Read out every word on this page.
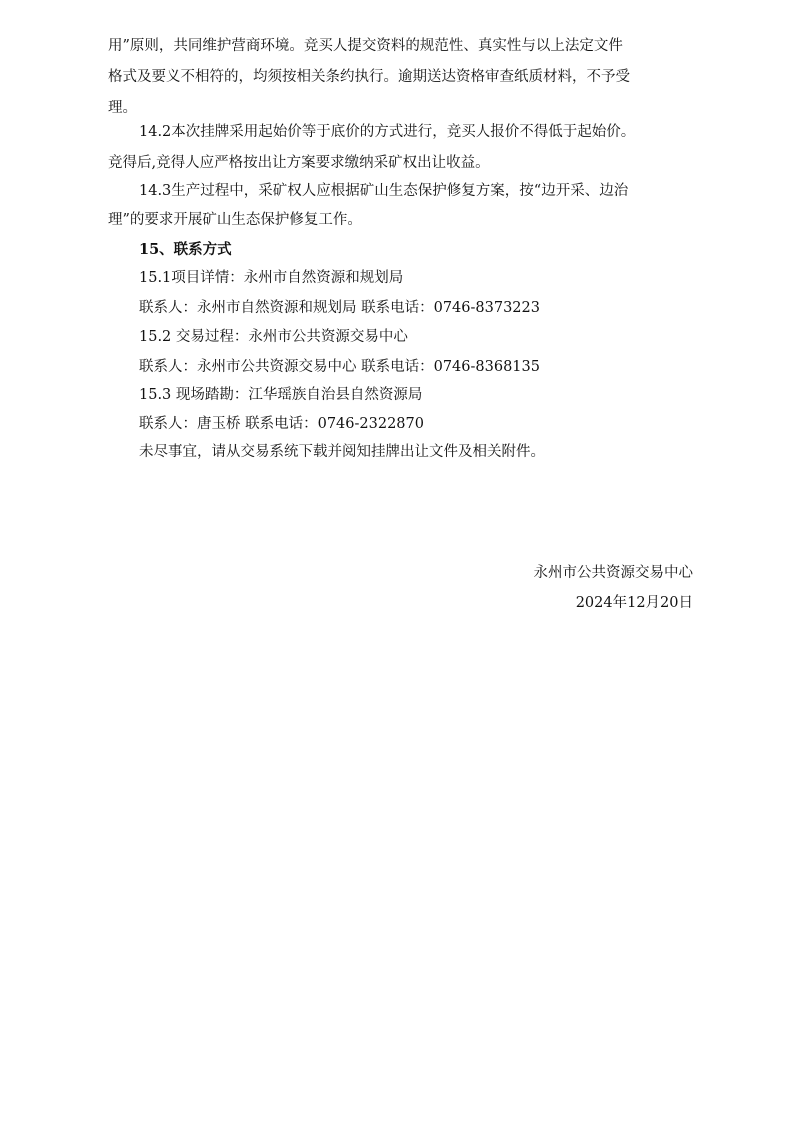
用”原则，共同维护营商环境。竞买人提交资料的规范性、真实性与以上法定文件
格式及要义不相符的，均须按相关条约执行。逾期送达资格审查纸质材料，不予受
理。
14.2本次挂牌采用起始价等于底价的方式进行，竞买人报价不得低于起始价。
竞得后,竞得人应严格按出让方案要求缴纳采矿权出让收益。
14.3生产过程中，采矿权人应根据矿山生态保护修复方案，按“边开采、边治
理”的要求开展矿山生态保护修复工作。
15、联系方式
15.1项目详情：永州市自然资源和规划局
联系人：永州市自然资源和规划局 联系电话：0746-8373223
15.2 交易过程：永州市公共资源交易中心
联系人：永州市公共资源交易中心 联系电话：0746-8368135
15.3 现场踏勘：江华瑶族自治县自然资源局
联系人：唐玉桥 联系电话：0746-2322870
未尽事宜，请从交易系统下载并阅知挂牌出让文件及相关附件。
永州市公共资源交易中心
2024年12月20日
